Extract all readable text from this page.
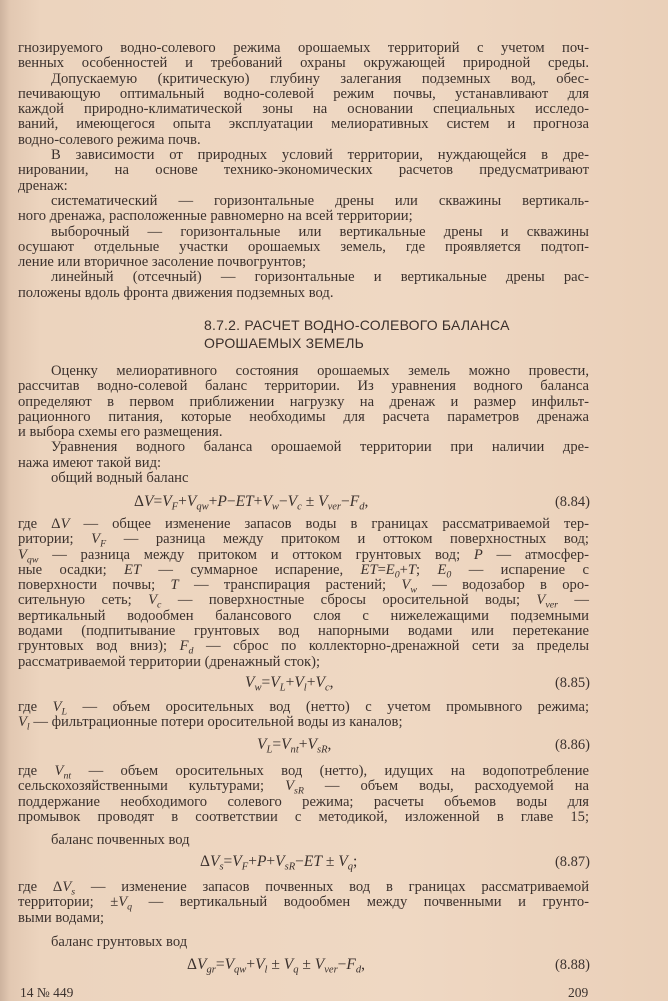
гнозируемого водно-солевого режима орошаемых территорий с учетом поч-
венных особенностей и требований охраны окружающей природной среды.
Допускаемую (критическую) глубину залегания подземных вод, обес-
печивающую оптимальный водно-солевой режим почвы, устанавливают для
каждой природно-климатической зоны на основании специальных исследо-
ваний, имеющегося опыта эксплуатации мелиоративных систем и прогноза
водно-солевого режима почв.
В зависимости от природных условий территории, нуждающейся в дре-
нировании, на основе технико-экономических расчетов предусматривают
дренаж:
систематический — горизонтальные дрены или скважины вертикаль-
ного дренажа, расположенные равномерно на всей территории;
выборочный — горизонтальные или вертикальные дрены и скважины
осушают отдельные участки орошаемых земель, где проявляется подтоп-
ление или вторичное засоление почвогрунтов;
линейный (отсечный) — горизонтальные и вертикальные дрены рас-
положены вдоль фронта движения подземных вод.
8.7.2. РАСЧЕТ ВОДНО-СОЛЕВОГО БАЛАНСА
ОРОШАЕМЫХ ЗЕМЕЛЬ
Оценку мелиоративного состояния орошаемых земель можно провести,
рассчитав водно-солевой баланс территории. Из уравнения водного баланса
определяют в первом приближении нагрузку на дренаж и размер инфильт-
рационного питания, которые необходимы для расчета параметров дренажа
и выбора схемы его размещения.
Уравнения водного баланса орошаемой территории при наличии дре-
нажа имеют такой вид:
общий водный баланс
$\Delta V=V_F+V_{qw}+P-ET+V_w-V_c \pm V_{ver}-F_d$,	(8.84)
где ΔV — общее изменение запасов воды в границах рассматриваемой тер-
ритории; $V_F$ — разница между притоком и оттоком поверхностных вод;
$V_{qw}$ — разница между притоком и оттоком грунтовых вод; P — атмосфер-
ные осадки; ET — суммарное испарение, $ET=E_0+T$; $E_0$ — испарение с
поверхности почвы; T — транспирация растений; $V_w$ — водозабор в оро-
сительную сеть; $V_c$ — поверхностные сбросы оросительной воды; $V_{ver}$ —
вертикальный водообмен балансового слоя с нижележащими подземными
водами (подпитывание грунтовых вод напорными водами или перетекание
грунтовых вод вниз); $F_d$ — сброс по коллекторно-дренажной сети за пределы
рассматриваемой территории (дренажный сток);
$V_w=V_L+V_l+V_c$,	(8.85)
где $V_L$ — объем оросительных вод (нетто) с учетом промывного режима;
$V_l$ — фильтрационные потери оросительной воды из каналов;
$V_L=V_{nt}+V_{sR}$,	(8.86)
где $V_{nt}$ — объем оросительных вод (нетто), идущих на водопотребление
сельскохозяйственными культурами; $V_{sR}$ — объем воды, расходуемой на
поддержание необходимого солевого режима; расчеты объемов воды для
промывок проводят в соответствии с методикой, изложенной в главе 15;
баланс почвенных вод
$\Delta V_s=V_F+P+V_{sR}-ET \pm V_q$;	(8.87)
где $\Delta V_s$ — изменение запасов почвенных вод в границах рассматриваемой
территории; $\pm V_q$ — вертикальный водообмен между почвенными и грунто-
выми водами;
баланс грунтовых вод
$\Delta V_{gr}=V_{qw}+V_l \pm V_q \pm V_{ver}-F_d$,	(8.88)
14 № 449	209
